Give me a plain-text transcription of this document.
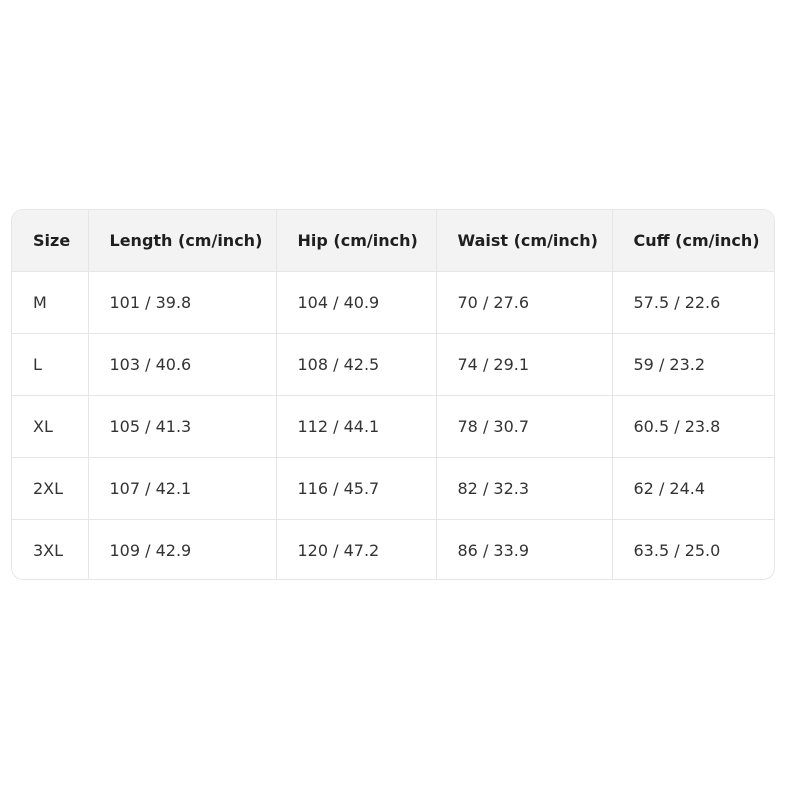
Size	Length (cm/inch)	Hip (cm/inch)	Waist (cm/inch)	Cuff (cm/inch)
M	101 / 39.8	104 / 40.9	70 / 27.6	57.5 / 22.6
L	103 / 40.6	108 / 42.5	74 / 29.1	59 / 23.2
XL	105 / 41.3	112 / 44.1	78 / 30.7	60.5 / 23.8
2XL	107 / 42.1	116 / 45.7	82 / 32.3	62 / 24.4
3XL	109 / 42.9	120 / 47.2	86 / 33.9	63.5 / 25.0
